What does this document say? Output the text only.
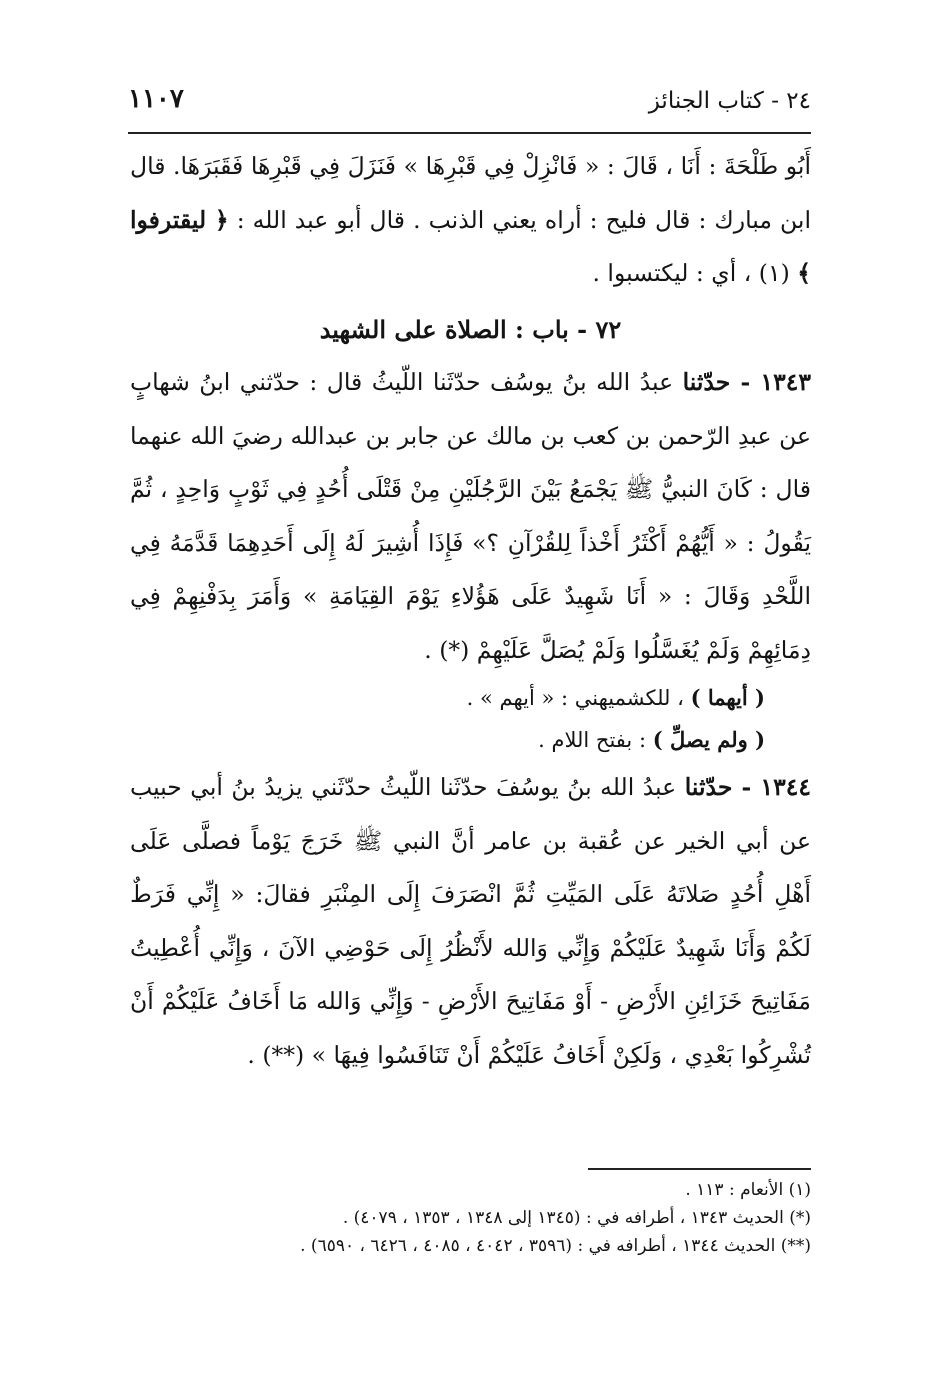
٢٤ - كتاب الجنائز
١١٠٧

أَبُو طَلْحَةَ : أَنَا ، قَالَ : « فَانْزِلْ فِي قَبْرِهَا » فَنَزَلَ فِي قَبْرِهَا فَقَبَرَهَا. قال ابن مبارك : قال فليح : أراه يعني الذنب . قال أبو عبد الله : ﴿ ليقترفوا ﴾ (١) ، أي : ليكتسبوا .

٧٢ - باب : الصلاة على الشهيد

١٣٤٣ - حدّثنا عبدُ الله بنُ يوسُف حدّثَنا اللّيثُ قال : حدّثني ابنُ شهابٍ عن عبدِ الرّحمن بن كعب بن مالك عن جابر بن عبدالله رضيَ الله عنهما قال : كَانَ النبيُّ ﷺ يَجْمَعُ بَيْنَ الرَّجُلَيْنِ مِنْ قَتْلَى أُحُدٍ فِي ثَوْبٍ وَاحِدٍ ، ثُمَّ يَقُولُ : « أَيُّهُمْ أَكْثَرُ أَخْذاً لِلقُرْآنِ ؟» فَإِذَا أُشِيرَ لَهُ إِلَى أَحَدِهِمَا قَدَّمَهُ فِي اللَّحْدِ وَقَالَ : « أَنَا شَهِيدٌ عَلَى هَؤُلاءِ يَوْمَ القِيَامَةِ » وَأَمَرَ بِدَفْنِهِمْ فِي دِمَائِهِمْ وَلَمْ يُغَسَّلُوا وَلَمْ يُصَلَّ عَلَيْهِمْ (*) .

( أيهما ) ، للكشميهني : « أيهم » .

( ولم يصلِّ ) : بفتح اللام .

١٣٤٤ - حدّثنا عبدُ الله بنُ يوسُفَ حدّثَنا اللّيثُ حدّثَني يزيدُ بنُ أبي حبيب عن أبي الخير عن عُقبة بن عامر أنَّ النبي ﷺ خَرَجَ يَوْماً فصلَّى عَلَى أَهْلِ أُحُدٍ صَلاتَهُ عَلَى المَيِّتِ ثُمَّ انْصَرَفَ إِلَى المِنْبَرِ فقالَ: « إِنِّي فَرَطٌ لَكُمْ وَأَنَا شَهِيدٌ عَلَيْكُمْ وَإِنِّي وَالله لأَنْظُرُ إِلَى حَوْضِي الآنَ ، وَإِنِّي أُعْطِيتُ مَفَاتِيحَ خَزَائِنِ الأَرْضِ - أَوْ مَفَاتِيحَ الأَرْضِ - وَإِنِّي وَالله مَا أَخَافُ عَلَيْكُمْ أَنْ تُشْرِكُوا بَعْدِي ، وَلَكِنْ أَخَافُ عَلَيْكُمْ أَنْ تَنَافَسُوا فِيهَا » (**) .

(١) الأنعام : ١١٣ .
(*) الحديث ١٣٤٣ ، أطرافه في : (١٣٤٥ إلى ١٣٤٨ ، ١٣٥٣ ، ٤٠٧٩) .
(**) الحديث ١٣٤٤ ، أطرافه في : (٣٥٩٦ ، ٤٠٤٢ ، ٤٠٨٥ ، ٦٤٢٦ ، ٦٥٩٠) .
